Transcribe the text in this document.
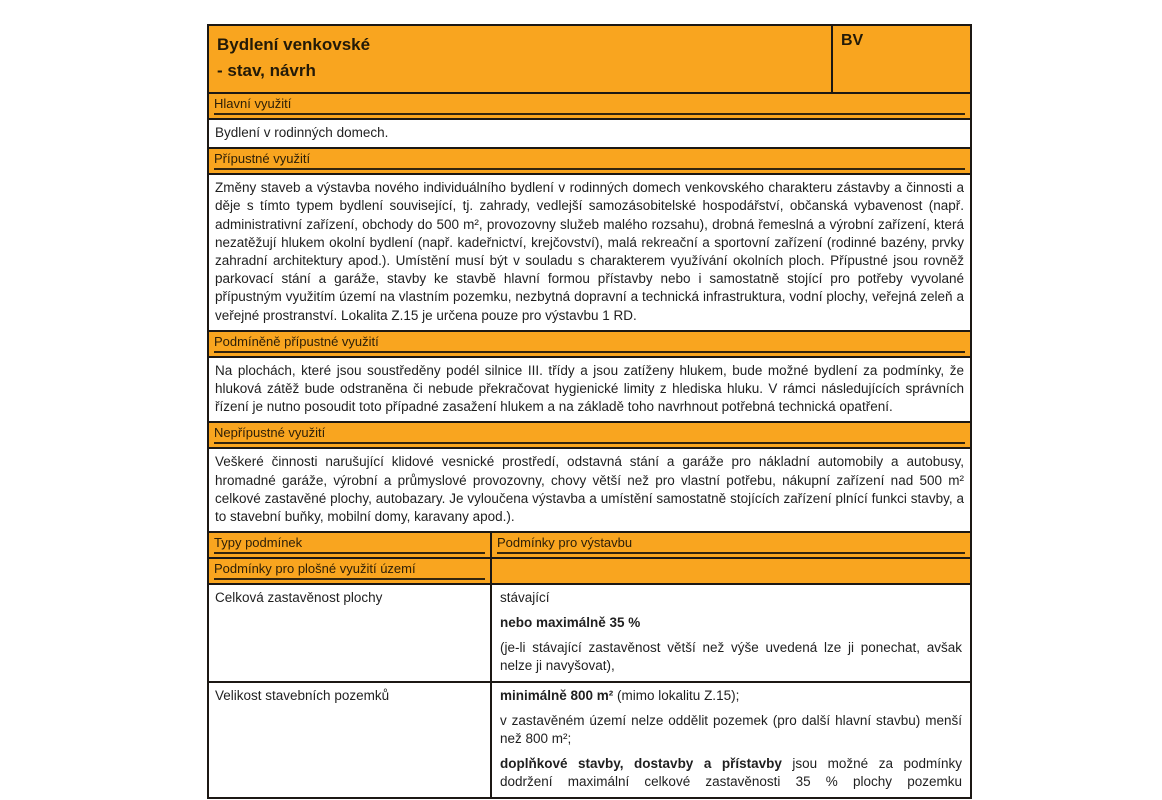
Bydlení venkovské
- stav, návrh
BV
Hlavní využití
Bydlení v rodinných domech.
Přípustné využití
Změny staveb a výstavba nového individuálního bydlení v rodinných domech venkovského charakteru zástavby a činnosti a děje s tímto typem bydlení související, tj. zahrady, vedlejší samozásobitelské hospodářství, občanská vybavenost (např. administrativní zařízení, obchody do 500 m², provozovny služeb malého rozsahu), drobná řemeslná a výrobní zařízení, která nezatěžují hlukem okolní bydlení (např. kadeřnictví, krejčovství), malá rekreační a sportovní zařízení (rodinné bazény, prvky zahradní architektury apod.). Umístění musí být v souladu s charakterem využívání okolních ploch. Přípustné jsou rovněž parkovací stání a garáže, stavby ke stavbě hlavní formou přístavby nebo i samostatně stojící pro potřeby vyvolané přípustným využitím území na vlastním pozemku, nezbytná dopravní a technická infrastruktura, vodní plochy, veřejná zeleň a veřejné prostranství. Lokalita Z.15 je určena pouze pro výstavbu 1 RD.
Podmíněně přípustné využití
Na plochách, které jsou soustředěny podél silnice III. třídy a jsou zatíženy hlukem, bude možné bydlení za podmínky, že hluková zátěž bude odstraněna či nebude překračovat hygienické limity z hlediska hluku. V rámci následujících správních řízení je nutno posoudit toto případné zasažení hlukem a na základě toho navrhnout potřebná technická opatření.
Nepřípustné využití
Veškeré činnosti narušující klidové vesnické prostředí, odstavná stání a garáže pro nákladní automobily a autobusy, hromadné garáže, výrobní a průmyslové provozovny, chovy větší než pro vlastní potřebu, nákupní zařízení nad 500 m² celkové zastavěné plochy, autobazary. Je vyloučena výstavba a umístění samostatně stojících zařízení plnící funkci stavby, a to stavební buňky, mobilní domy, karavany apod.).
Typy podmínek	Podmínky pro výstavbu
Podmínky pro plošné využití území
Celková zastavěnost plochy	stávající

nebo maximálně 35 %

(je-li stávající zastavěnost větší než výše uvedená lze ji ponechat, avšak nelze ji navyšovat),

Velikost stavebních pozemků	minimálně 800 m² (mimo lokalitu Z.15);

v zastavěném území nelze oddělit pozemek (pro další hlavní stavbu) menší než 800 m²;

doplňkové stavby, dostavby a přístavby jsou možné za podmínky dodržení maximální celkové zastavěnosti 35 % plochy pozemku
